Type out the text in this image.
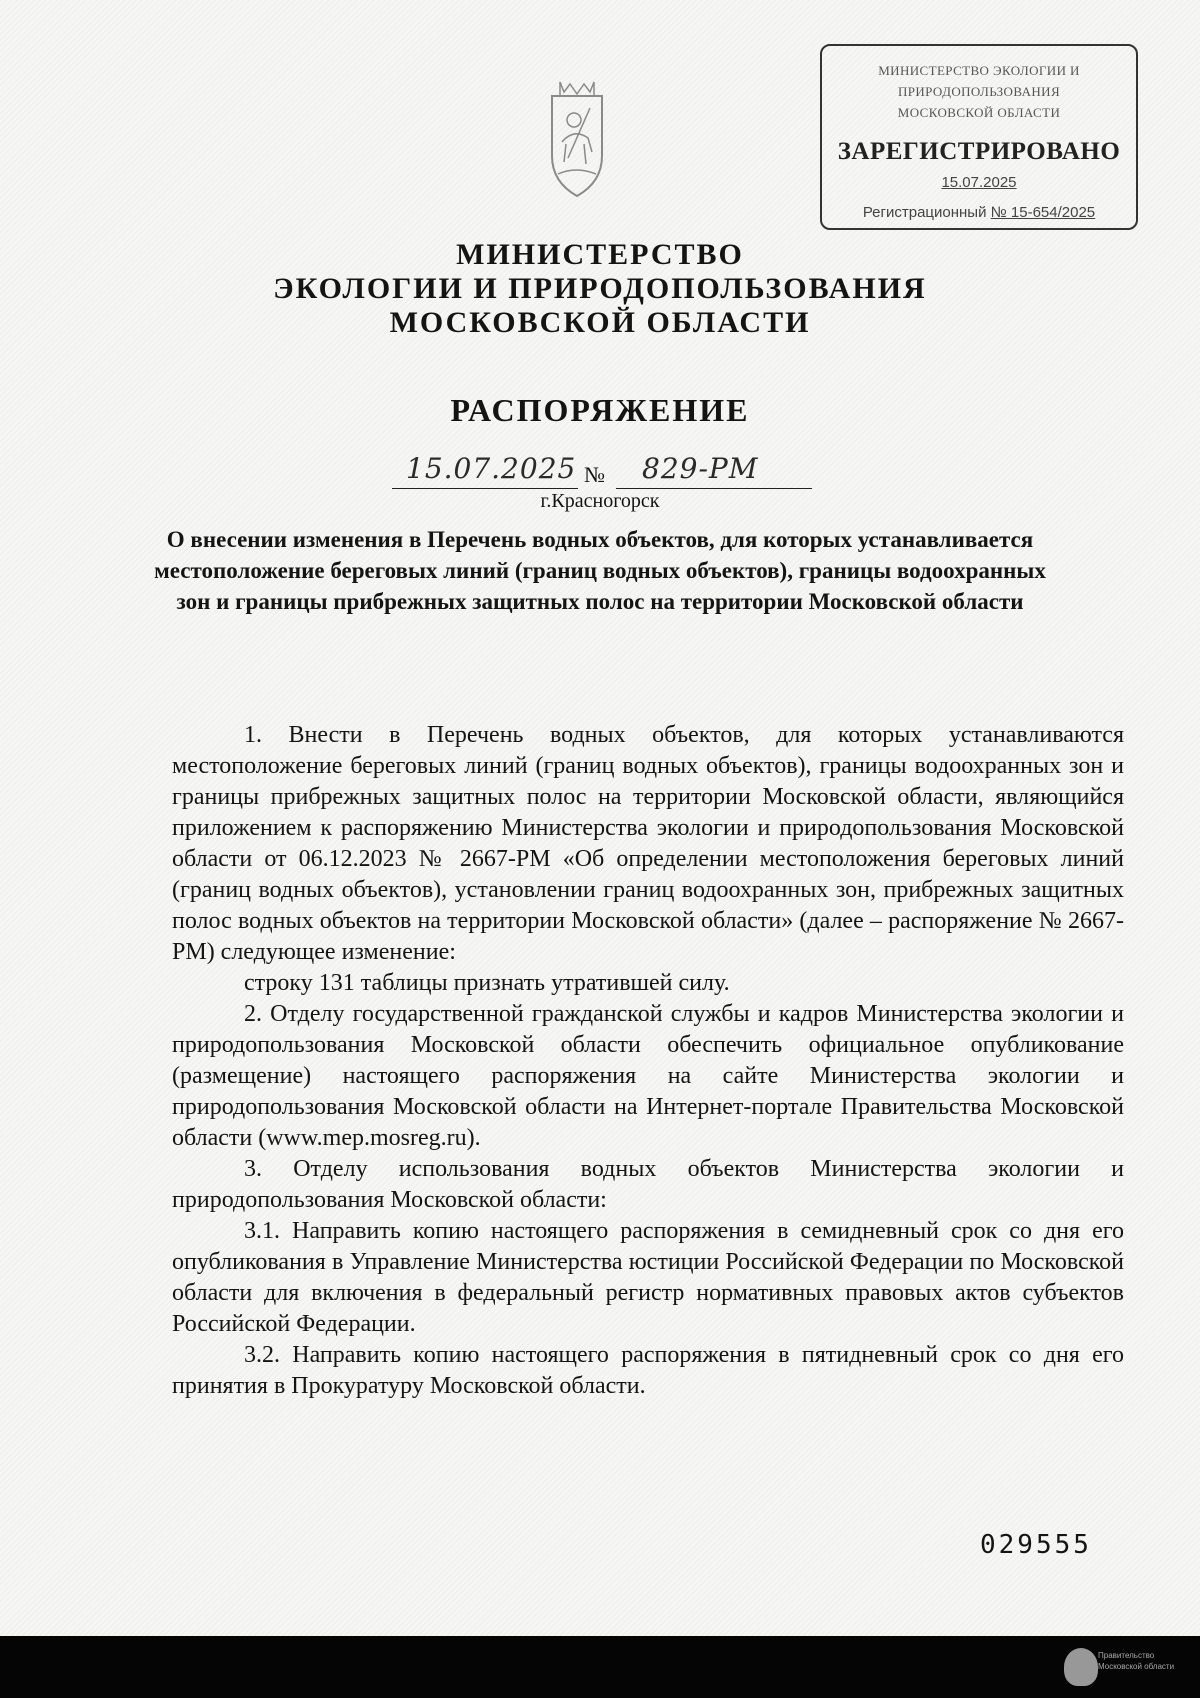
МИНИСТЕРСТВО ЭКОЛОГИИ И
ПРИРОДОПОЛЬЗОВАНИЯ
МОСКОВСКОЙ ОБЛАСТИ
ЗАРЕГИСТРИРОВАНО
15.07.2025
Регистрационный № 15-654/2025
МИНИСТЕРСТВО
ЭКОЛОГИИ И ПРИРОДОПОЛЬЗОВАНИЯ
МОСКОВСКОЙ ОБЛАСТИ
РАСПОРЯЖЕНИЕ
15.07.2025 № 829-РМ
г.Красногорск
О внесении изменения в Перечень водных объектов, для которых устанавливается местоположение береговых линий (границ водных объектов), границы водоохранных зон и границы прибрежных защитных полос на территории Московской области

1. Внести в Перечень водных объектов, для которых устанавливаются местоположение береговых линий (границ водных объектов), границы водоохранных зон и границы прибрежных защитных полос на территории Московской области, являющийся приложением к распоряжению Министерства экологии и природопользования Московской области от 06.12.2023 № 2667-РМ «Об определении местоположения береговых линий (границ водных объектов), установлении границ водоохранных зон, прибрежных защитных полос водных объектов на территории Московской области» (далее – распоряжение № 2667-РМ) следующее изменение:

строку 131 таблицы признать утратившей силу.

2. Отделу государственной гражданской службы и кадров Министерства экологии и природопользования Московской области обеспечить официальное опубликование (размещение) настоящего распоряжения на сайте Министерства экологии и природопользования Московской области на Интернет-портале Правительства Московской области (www.mep.mosreg.ru).

3. Отделу использования водных объектов Министерства экологии и природопользования Московской области:

3.1. Направить копию настоящего распоряжения в семидневный срок со дня его опубликования в Управление Министерства юстиции Российской Федерации по Московской области для включения в федеральный регистр нормативных правовых актов субъектов Российской Федерации.

3.2. Направить копию настоящего распоряжения в пятидневный срок со дня его принятия в Прокуратуру Московской области.

029555
Правительство
Московской области
